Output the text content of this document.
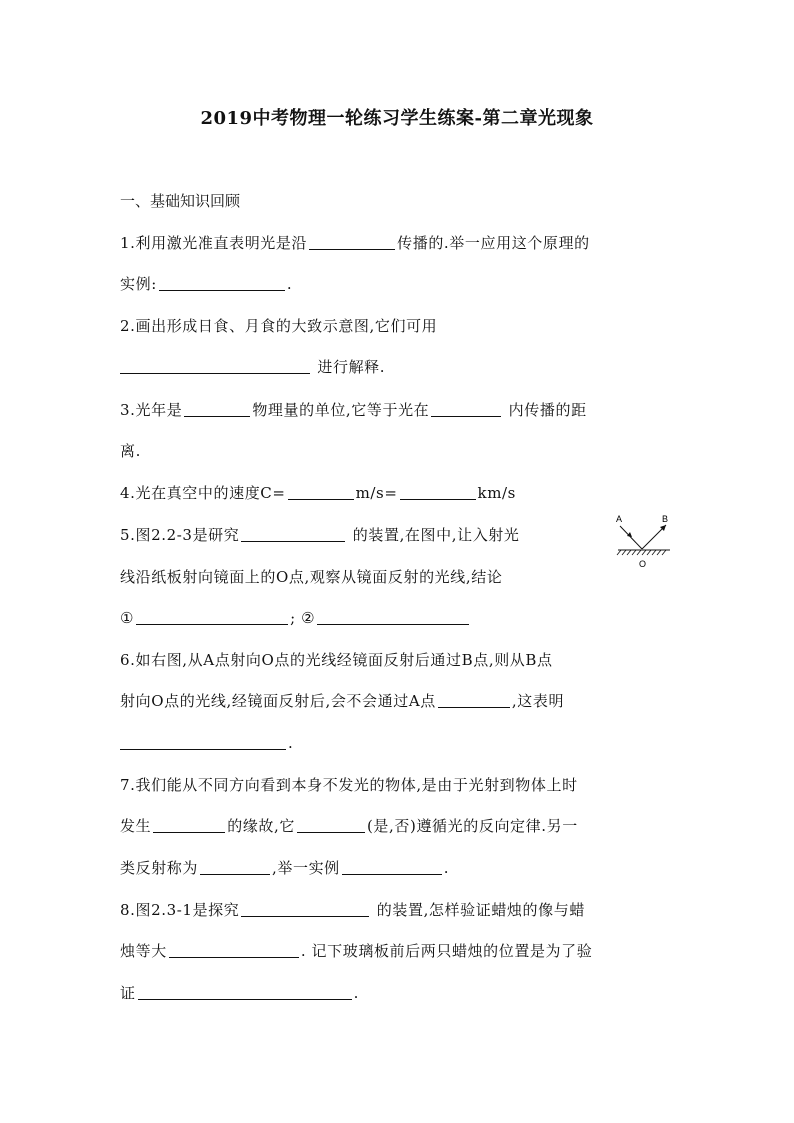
2019中考物理一轮练习学生练案-第二章光现象
一、基础知识回顾
1.利用激光准直表明光是沿	传播的.举一应用这个原理的
实例:	.
2.画出形成日食、月食的大致示意图,它们可用
进行解释.
3.光年是	物理量的单位,它等于光在	内传播的距
离.
4.光在真空中的速度C=	m/s=	km/s
5.图2.2-3是研究	的装置,在图中,让入射光
线沿纸板射向镜面上的O点,观察从镜面反射的光线,结论
①	; ②
A	B
O
6.如右图,从A点射向O点的光线经镜面反射后通过B点,则从B点
射向O点的光线,经镜面反射后,会不会通过A点	,这表明
.
7.我们能从不同方向看到本身不发光的物体,是由于光射到物体上时
发生	的缘故,它	(是,否)遵循光的反向定律.另一
类反射称为	,举一实例	.
8.图2.3-1是探究	的装置,怎样验证蜡烛的像与蜡
烛等大	. 记下玻璃板前后两只蜡烛的位置是为了验
证	.
